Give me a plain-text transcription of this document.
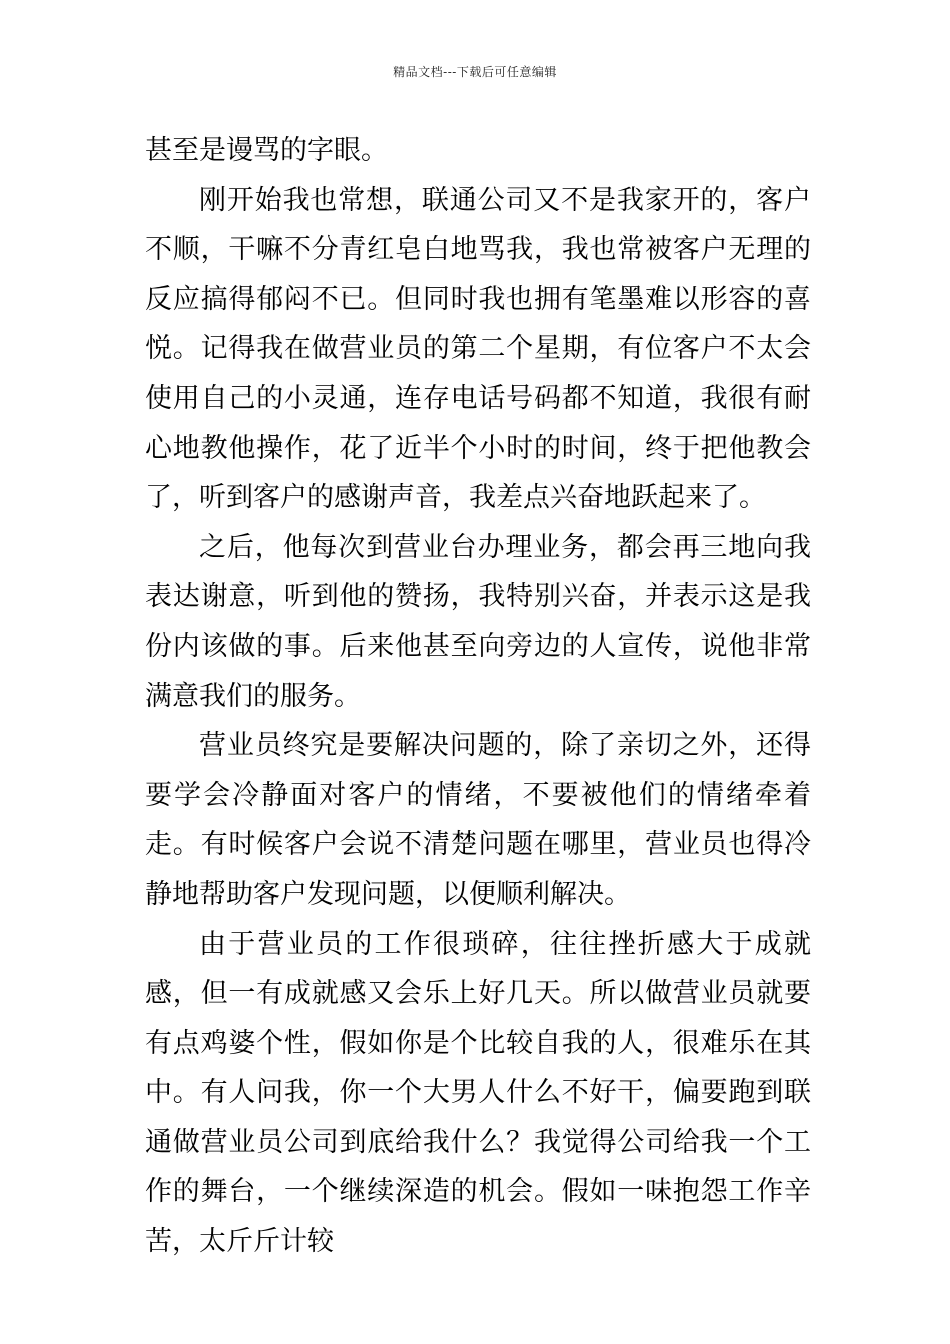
精品文档---下载后可任意编辑

甚至是谩骂的字眼。

刚开始我也常想，联通公司又不是我家开的，客户不顺，干嘛不分青红皂白地骂我，我也常被客户无理的反应搞得郁闷不已。但同时我也拥有笔墨难以形容的喜悦。记得我在做营业员的第二个星期，有位客户不太会使用自己的小灵通，连存电话号码都不知道，我很有耐心地教他操作，花了近半个小时的时间，终于把他教会了，听到客户的感谢声音，我差点兴奋地跃起来了。

之后，他每次到营业台办理业务，都会再三地向我表达谢意，听到他的赞扬，我特别兴奋，并表示这是我份内该做的事。后来他甚至向旁边的人宣传，说他非常满意我们的服务。

营业员终究是要解决问题的，除了亲切之外，还得要学会冷静面对客户的情绪，不要被他们的情绪牵着走。有时候客户会说不清楚问题在哪里，营业员也得冷静地帮助客户发现问题，以便顺利解决。

由于营业员的工作很琐碎，往往挫折感大于成就感，但一有成就感又会乐上好几天。所以做营业员就要有点鸡婆个性，假如你是个比较自我的人，很难乐在其中。有人问我，你一个大男人什么不好干，偏要跑到联通做营业员公司到底给我什么？我觉得公司给我一个工作的舞台，一个继续深造的机会。假如一味抱怨工作辛苦，太斤斤计较
